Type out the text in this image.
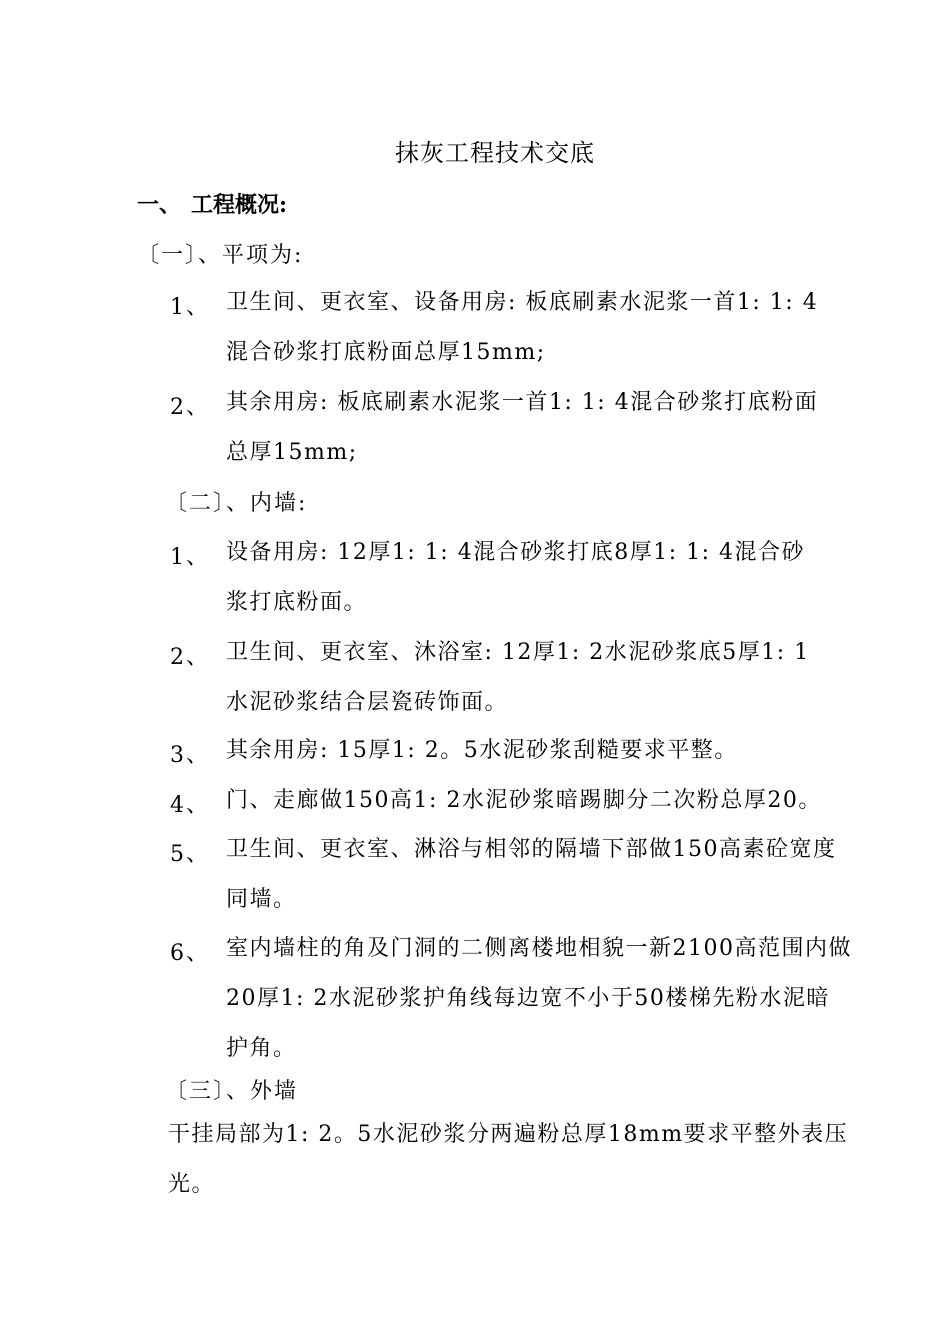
抹灰工程技术交底
一、 工程概况:
〔一〕、平项为:
1、 卫生间、更衣室、设备用房: 板底刷素水泥浆一首1: 1: 4
混合砂浆打底粉面总厚15mm;
2、 其余用房: 板底刷素水泥浆一首1: 1: 4混合砂浆打底粉面
总厚15mm;
〔二〕、内墙:
1、 设备用房: 12厚1: 1: 4混合砂浆打底8厚1: 1: 4混合砂
浆打底粉面。
2、 卫生间、更衣室、沐浴室: 12厚1: 2水泥砂浆底5厚1: 1
水泥砂浆结合层瓷砖饰面。
3、 其余用房: 15厚1: 2。5水泥砂浆刮糙要求平整。
4、 门、走廊做150高1: 2水泥砂浆暗踢脚分二次粉总厚20。
5、 卫生间、更衣室、淋浴与相邻的隔墙下部做150高素砼宽度
同墙。
6、 室内墙柱的角及门洞的二侧离楼地相貌一新2100高范围内做
20厚1: 2水泥砂浆护角线每边宽不小于50楼梯先粉水泥暗
护角。
〔三〕、外墙
干挂局部为1: 2。5水泥砂浆分两遍粉总厚18mm要求平整外表压
光。
